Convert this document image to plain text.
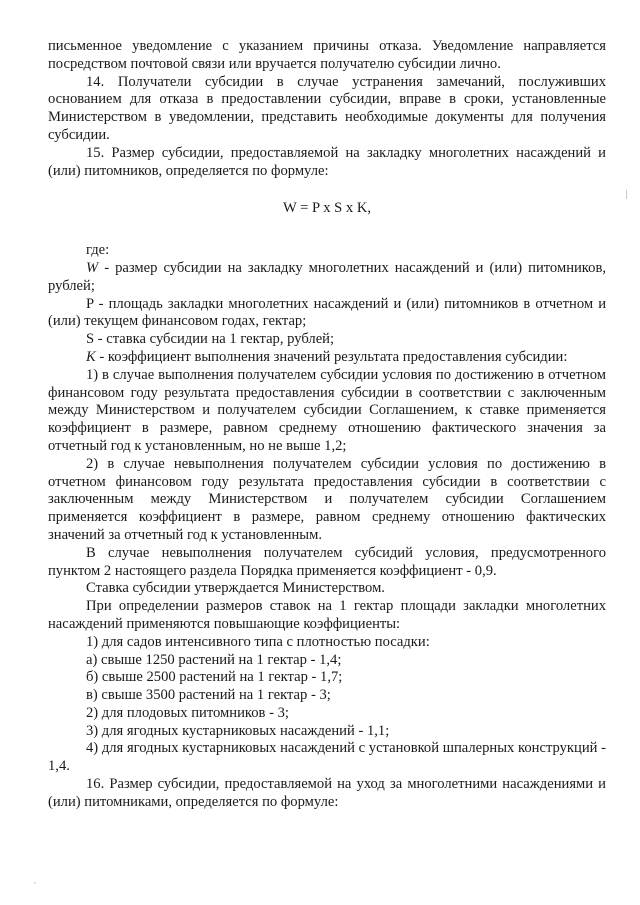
письменное уведомление с указанием причины отказа. Уведомление направляется посредством почтовой связи или вручается получателю субсидии лично.

14. Получатели субсидии в случае устранения замечаний, послуживших основанием для отказа в предоставлении субсидии, вправе в сроки, установленные Министерством в уведомлении, представить необходимые документы для получения субсидии.

15. Размер субсидии, предоставляемой на закладку многолетних насаждений и (или) питомников, определяется по формуле:

W = P x S x K,

где:

W - размер субсидии на закладку многолетних насаждений и (или) питомников, рублей;

P - площадь закладки многолетних насаждений и (или) питомников в отчетном и (или) текущем финансовом годах, гектар;

S - ставка субсидии на 1 гектар, рублей;

K - коэффициент выполнения значений результата предоставления субсидии:

1) в случае выполнения получателем субсидии условия по достижению в отчетном финансовом году результата предоставления субсидии в соответствии с заключенным между Министерством и получателем субсидии Соглашением, к ставке применяется коэффициент в размере, равном среднему отношению фактического значения за отчетный год к установленным, но не выше 1,2;

2) в случае невыполнения получателем субсидии условия по достижению в отчетном финансовом году результата предоставления субсидии в соответствии с заключенным между Министерством и получателем субсидии Соглашением применяется коэффициент в размере, равном среднему отношению фактических значений за отчетный год к установленным.

В случае невыполнения получателем субсидий условия, предусмотренного пунктом 2 настоящего раздела Порядка применяется коэффициент - 0,9.

Ставка субсидии утверждается Министерством.

При определении размеров ставок на 1 гектар площади закладки многолетних насаждений применяются повышающие коэффициенты:

1) для садов интенсивного типа с плотностью посадки:

а) свыше 1250 растений на 1 гектар - 1,4;

б) свыше 2500 растений на 1 гектар - 1,7;

в) свыше 3500 растений на 1 гектар - 3;

2) для плодовых питомников - 3;

3) для ягодных кустарниковых насаждений - 1,1;

4) для ягодных кустарниковых насаждений с установкой шпалерных конструкций - 1,4.

16. Размер субсидии, предоставляемой на уход за многолетними насаждениями и (или) питомниками, определяется по формуле:
